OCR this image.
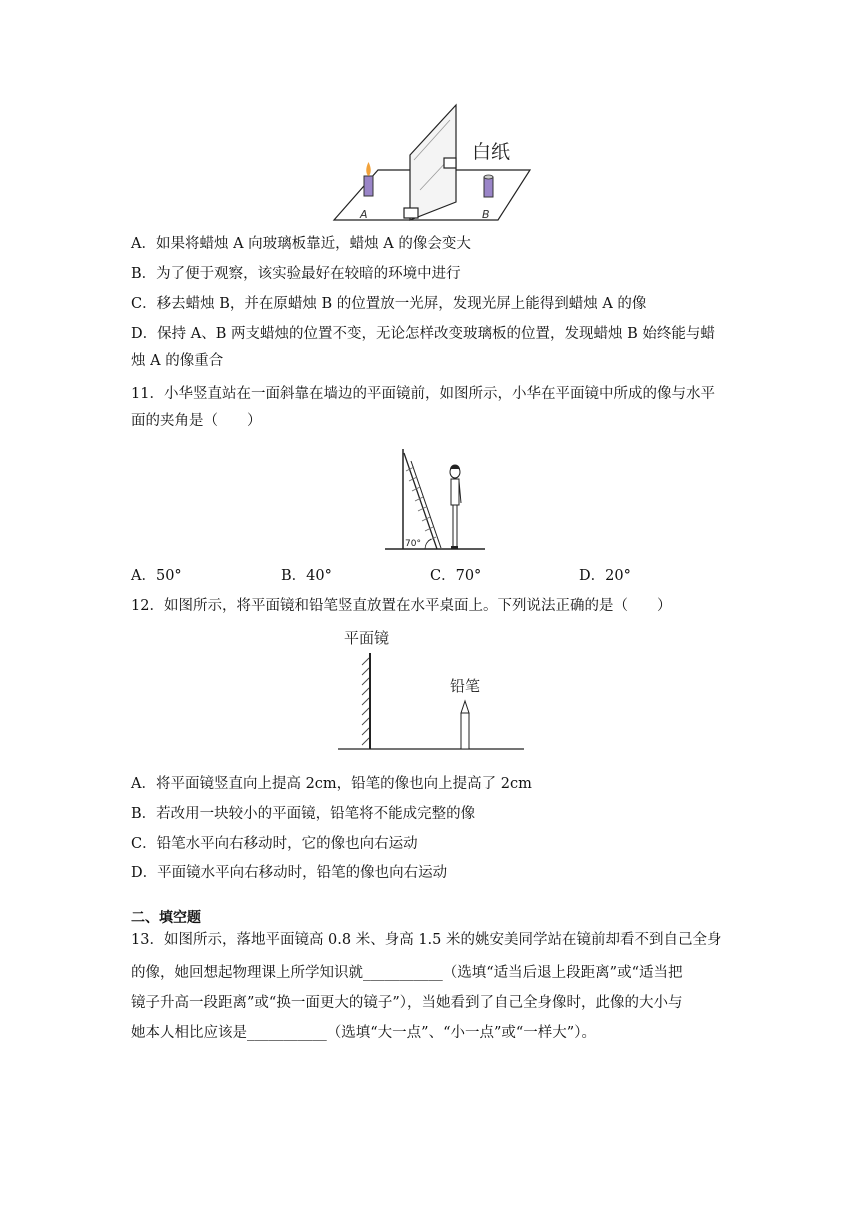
A	B
白纸
A．如果将蜡烛 A 向玻璃板靠近，蜡烛 A 的像会变大
B．为了便于观察，该实验最好在较暗的环境中进行
C．移去蜡烛 B，并在原蜡烛 B 的位置放一光屏，发现光屏上能得到蜡烛 A 的像
D．保持 A、B 两支蜡烛的位置不变，无论怎样改变玻璃板的位置，发现蜡烛 B 始终能与蜡
烛 A 的像重合
11．小华竖直站在一面斜靠在墙边的平面镜前，如图所示，小华在平面镜中所成的像与水平
面的夹角是（　　）
70°
A．50°	B．40°	C．70°	D．20°
12．如图所示，将平面镜和铅笔竖直放置在水平桌面上。下列说法正确的是（　　）
平面镜
铅笔
A．将平面镜竖直向上提高 2cm，铅笔的像也向上提高了 2cm
B．若改用一块较小的平面镜，铅笔将不能成完整的像
C．铅笔水平向右移动时，它的像也向右运动
D．平面镜水平向右移动时，铅笔的像也向右运动
二、填空题
13．如图所示，落地平面镜高 0.8 米、身高 1.5 米的姚安美同学站在镜前却看不到自己全身
的像，她回想起物理课上所学知识就___________（选填“适当后退上段距离”或“适当把
镜子升高一段距离”或“换一面更大的镜子”），当她看到了自己全身像时，此像的大小与
她本人相比应该是___________（选填“大一点”、“小一点”或“一样大”）。
